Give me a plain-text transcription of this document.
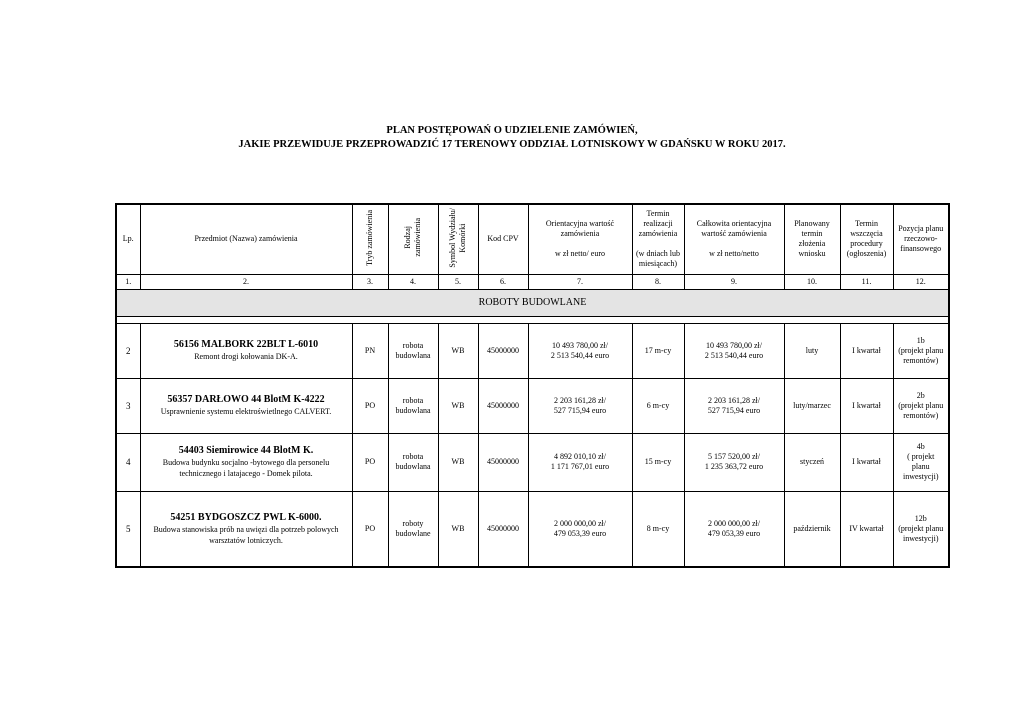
PLAN POSTĘPOWAŃ O UDZIELENIE ZAMÓWIEŃ,
JAKIE PRZEWIDUJE PRZEPROWADZIĆ 17 TERENOWY ODDZIAŁ LOTNISKOWY W GDAŃSKU W ROKU 2017.
Lp.	Przedmiot (Nazwa) zamówienia	Tryb zamówienia	Rodzaj
zamówienia	Symbol Wydziału/
Komórki	Kod CPV	Orientacyjna wartość
zamówienia
w zł netto/ euro	Termin realizacji
zamówienia
(w dniach lub
miesiącach)	Całkowita orientacyjna
wartość zamówienia
w zł netto/netto	Planowany
termin
złożenia
wniosku	Termin
wszczęcia
procedury
(ogłoszenia)	Pozycja planu
rzeczowo-
finansowego

1.	2.	3.	4.	5.	6.	7.	8.	9.	10.	11.	12.
ROBOTY BUDOWLANE											

2	56156 MALBORK 22BLT L-6010
Remont drogi kołowania DK-A.	PN	robota
budowlana	WB	45000000	10 493 780,00 zł/
2 513 540,44 euro	17 m-cy	10 493 780,00 zł/
2 513 540,44 euro	luty	I kwartał	1b
(projekt planu
remontów)

3	56357 DARŁOWO 44 BlotM K-4222
Usprawnienie systemu elektroświetlnego CALVERT.	PO	robota
budowlana	WB	45000000	2 203 161,28 zł/
527 715,94 euro	6 m-cy	2 203 161,28 zł/
527 715,94 euro	luty/marzec	I kwartał	2b
(projekt planu
remontów)

4	54403 Siemirowice 44 BlotM K.
Budowa budynku socjalno -bytowego dla personelu technicznego i latajacego - Domek pilota.	PO	robota
budowlana	WB	45000000	4 892 010,10 zł/
1 171 767,01 euro	15 m-cy	5 157 520,00 zł/
1 235 363,72 euro	styczeń	I kwartał	4b
( projekt
planu
inwestycji)

5	54251 BYDGOSZCZ PWL K-6000.
Budowa stanowiska prób na uwięzi dla potrzeb polowych warsztatów lotniczych.	PO	roboty
budowlane	WB	45000000	2 000 000,00 zł/
479 053,39 euro	8 m-cy	2 000 000,00 zł/
479 053,39 euro	październik	IV kwartał	12b
(projekt planu
inwestycji)
